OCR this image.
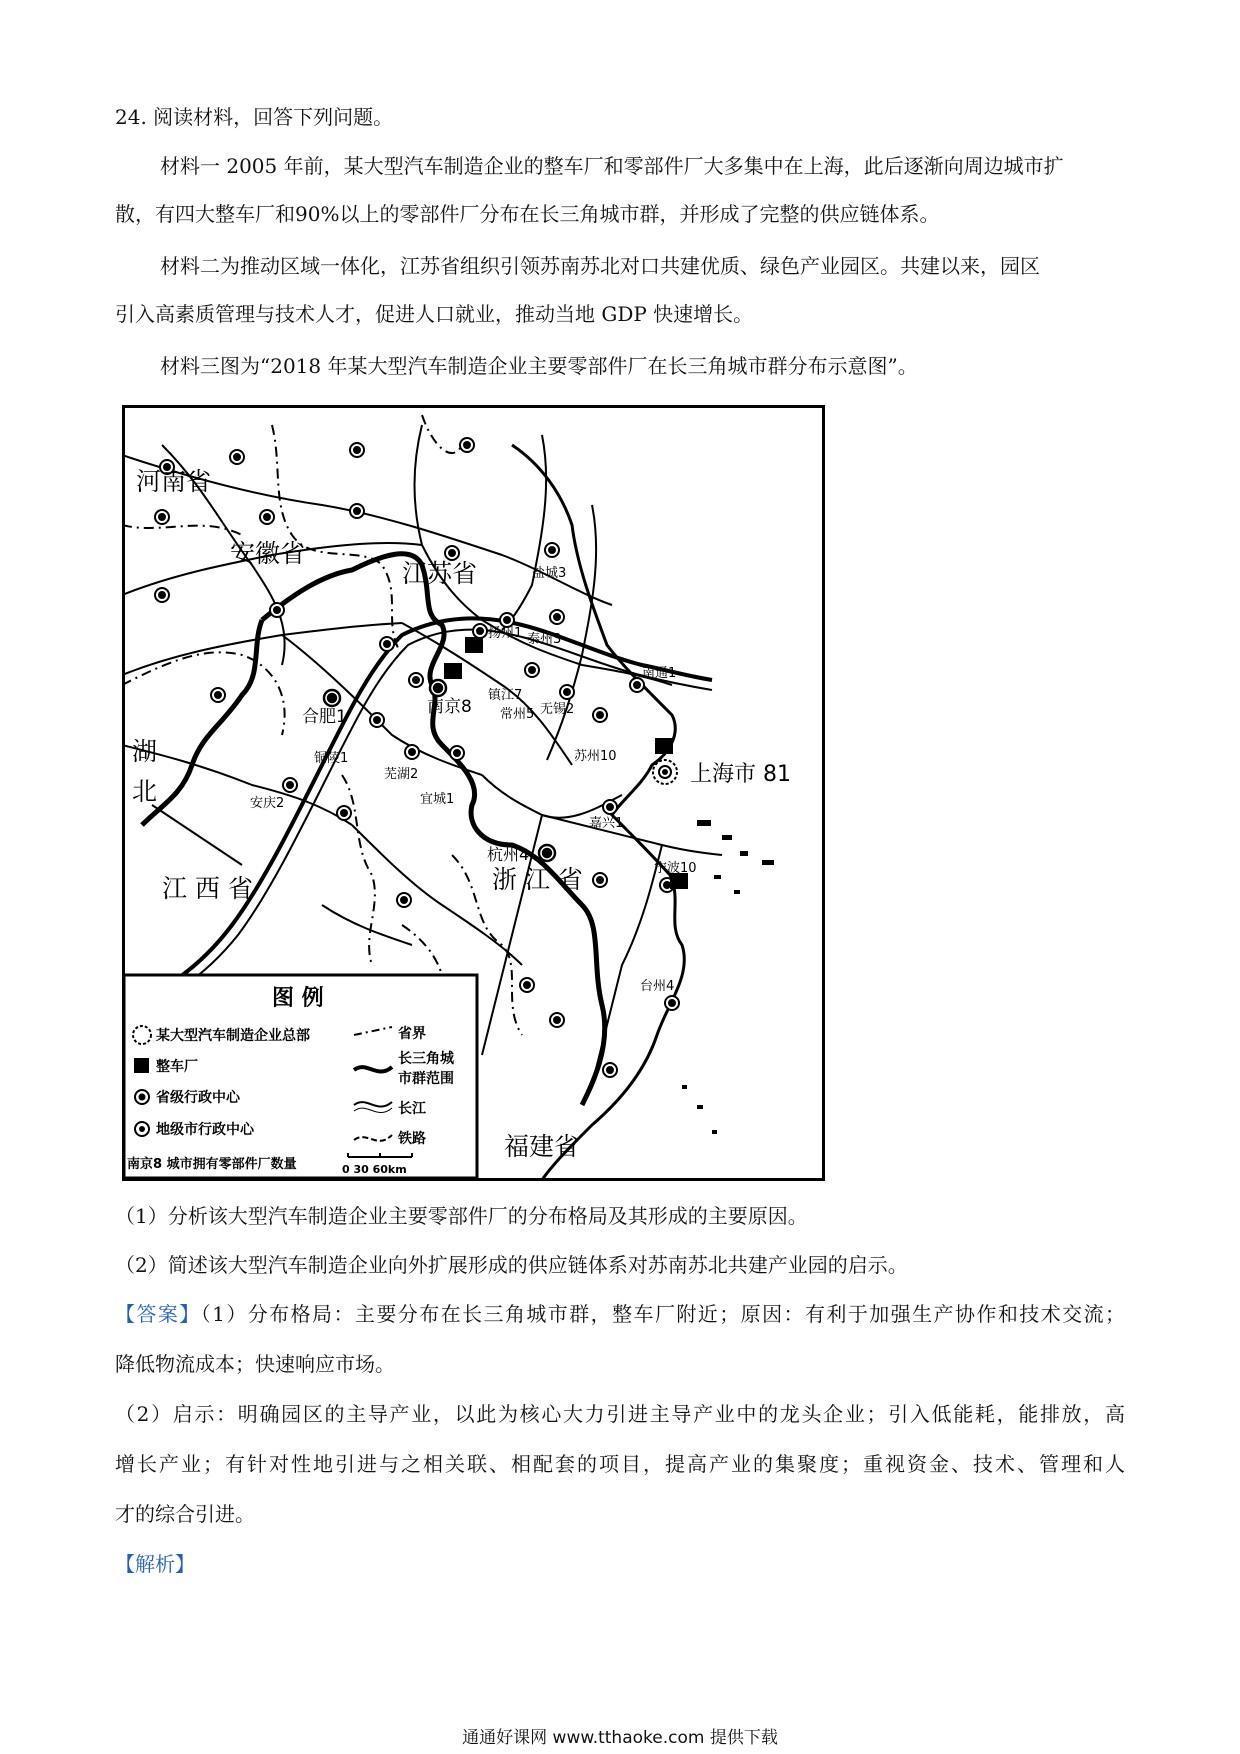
24. 阅读材料，回答下列问题。
材料一 2005 年前，某大型汽车制造企业的整车厂和零部件厂大多集中在上海，此后逐渐向周边城市扩
散，有四大整车厂和90%以上的零部件厂分布在长三角城市群，并形成了完整的供应链体系。
材料二为推动区域一体化，江苏省组织引领苏南苏北对口共建优质、绿色产业园区。共建以来，园区
引入高素质管理与技术人才，促进人口就业，推动当地 GDP 快速增长。
材料三图为“2018 年某大型汽车制造企业主要零部件厂在长三角城市群分布示意图”。
河南省
安徽省
江苏省
湖
北
江 西 省	浙 江 省
福建省
盐城3
扬州1 泰州3
南通1
南京8
镇江7
常州5 无锡2
苏州10
上海市 81
合肥1
铜陵1
芜湖2
宜城1
安庆2
嘉兴1
杭州4
宁波10
台州4
图 例
某大型汽车制造企业总部
整车厂
省级行政中心
地级市行政中心
南京8 城市拥有零部件厂数量
省界
长三角城
市群范围
长江
铁路
0 30 60km
（1）分析该大型汽车制造企业主要零部件厂的分布格局及其形成的主要原因。
（2）简述该大型汽车制造企业向外扩展形成的供应链体系对苏南苏北共建产业园的启示。
【答案】（1）分布格局：主要分布在长三角城市群，整车厂附近；原因：有利于加强生产协作和技术交流；
降低物流成本；快速响应市场。
（2）启示：明确园区的主导产业，以此为核心大力引进主导产业中的龙头企业；引入低能耗，能排放，高
增长产业；有针对性地引进与之相关联、相配套的项目，提高产业的集聚度；重视资金、技术、管理和人
才的综合引进。
【解析】
通通好课网 www.tthaoke.com 提供下载
